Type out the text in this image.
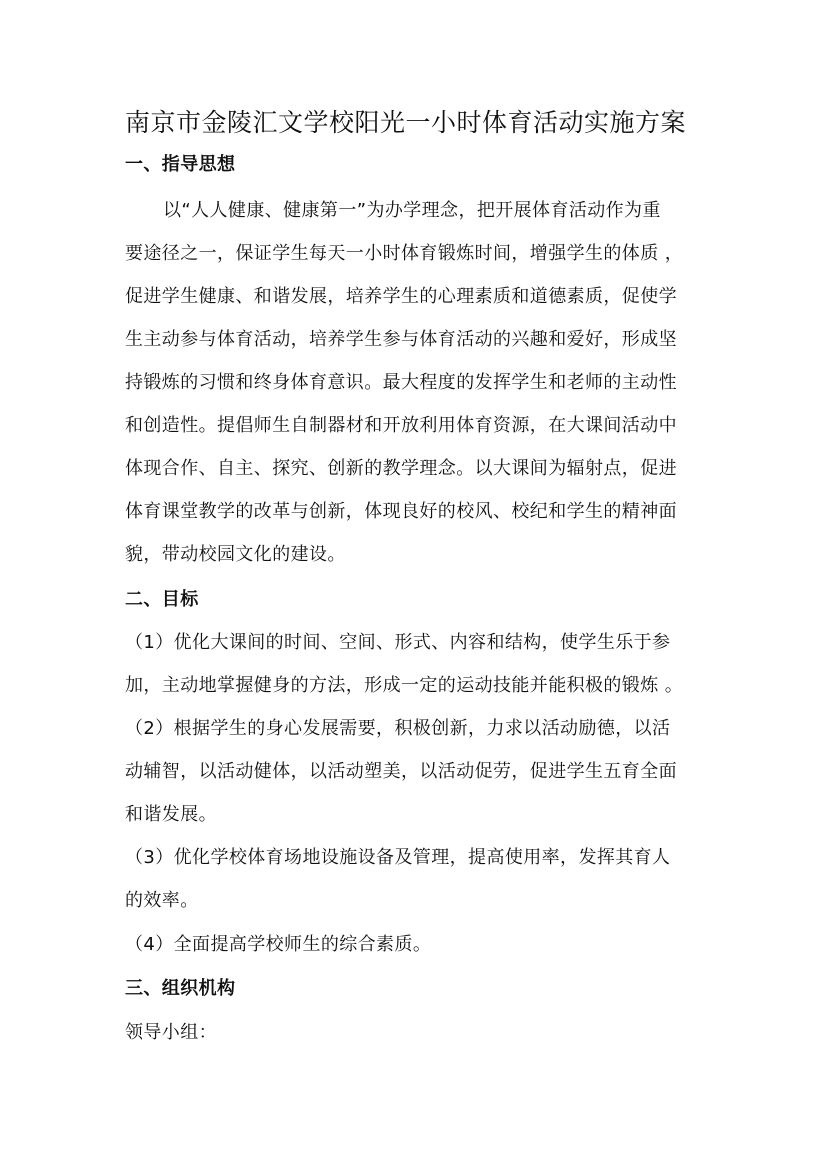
南京市金陵汇文学校阳光一小时体育活动实施方案
一、指导思想
以“人人健康、健康第一”为办学理念，把开展体育活动作为重
要途径之一，保证学生每天一小时体育锻炼时间，增强学生的体质 ，
促进学生健康、和谐发展，培养学生的心理素质和道德素质，促使学
生主动参与体育活动，培养学生参与体育活动的兴趣和爱好，形成坚
持锻炼的习惯和终身体育意识。最大程度的发挥学生和老师的主动性
和创造性。提倡师生自制器材和开放利用体育资源，在大课间活动中
体现合作、自主、探究、创新的教学理念。以大课间为辐射点，促进
体育课堂教学的改革与创新，体现良好的校风、校纪和学生的精神面
貌，带动校园文化的建设。
二、目标
（1）优化大课间的时间、空间、形式、内容和结构，使学生乐于参
加，主动地掌握健身的方法，形成一定的运动技能并能积极的锻炼 。
（2）根据学生的身心发展需要，积极创新，力求以活动励德，以活
动辅智，以活动健体，以活动塑美，以活动促劳，促进学生五育全面
和谐发展。
（3）优化学校体育场地设施设备及管理，提高使用率，发挥其育人
的效率。
（4）全面提高学校师生的综合素质。
三、组织机构
领导小组：
